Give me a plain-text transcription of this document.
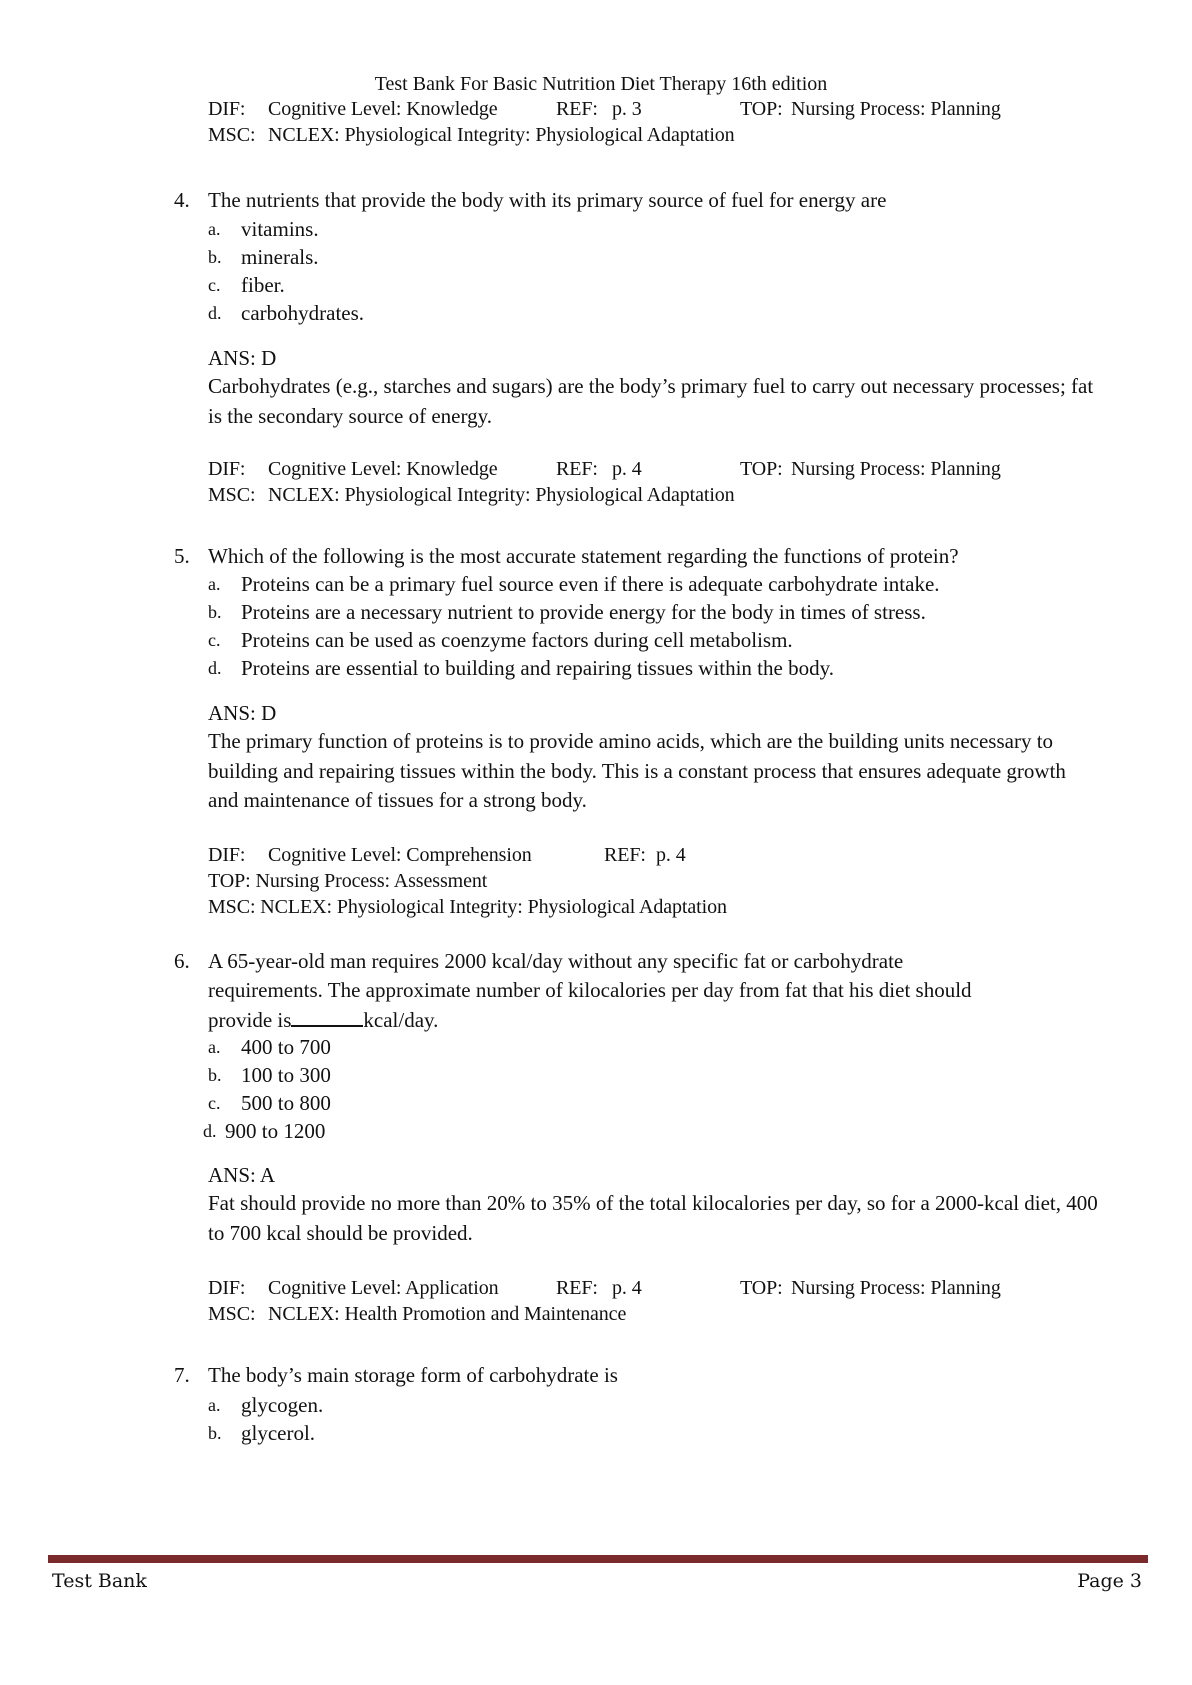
Test Bank For Basic Nutrition Diet Therapy 16th edition
DIF: Cognitive Level: Knowledge	REF: p. 3	TOP: Nursing Process: Planning
MSC: NCLEX: Physiological Integrity: Physiological Adaptation
4. The nutrients that provide the body with its primary source of fuel for energy are
a. vitamins.
b. minerals.
c. fiber.
d. carbohydrates.
ANS: D
Carbohydrates (e.g., starches and sugars) are the body’s primary fuel to carry out necessary processes; fat is the secondary source of energy.
DIF: Cognitive Level: Knowledge	REF: p. 4	TOP: Nursing Process: Planning
MSC: NCLEX: Physiological Integrity: Physiological Adaptation
5. Which of the following is the most accurate statement regarding the functions of protein?
a. Proteins can be a primary fuel source even if there is adequate carbohydrate intake.
b. Proteins are a necessary nutrient to provide energy for the body in times of stress.
c. Proteins can be used as coenzyme factors during cell metabolism.
d. Proteins are essential to building and repairing tissues within the body.
ANS: D
The primary function of proteins is to provide amino acids, which are the building units necessary to building and repairing tissues within the body. This is a constant process that ensures adequate growth and maintenance of tissues for a strong body.
DIF: Cognitive Level: Comprehension	REF: p. 4
TOP: Nursing Process: Assessment
MSC: NCLEX: Physiological Integrity: Physiological Adaptation
6. A 65-year-old man requires 2000 kcal/day without any specific fat or carbohydrate
requirements. The approximate number of kilocalories per day from fat that his diet should
provide is	kcal/day.
a. 400 to 700
b. 100 to 300
c. 500 to 800
d. 900 to 1200
ANS: A
Fat should provide no more than 20% to 35% of the total kilocalories per day, so for a 2000-kcal diet, 400 to 700 kcal should be provided.
DIF: Cognitive Level: Application	REF: p. 4	TOP: Nursing Process: Planning
MSC: NCLEX: Health Promotion and Maintenance
7. The body’s main storage form of carbohydrate is
a. glycogen.
b. glycerol.
Test Bank	Page 3
